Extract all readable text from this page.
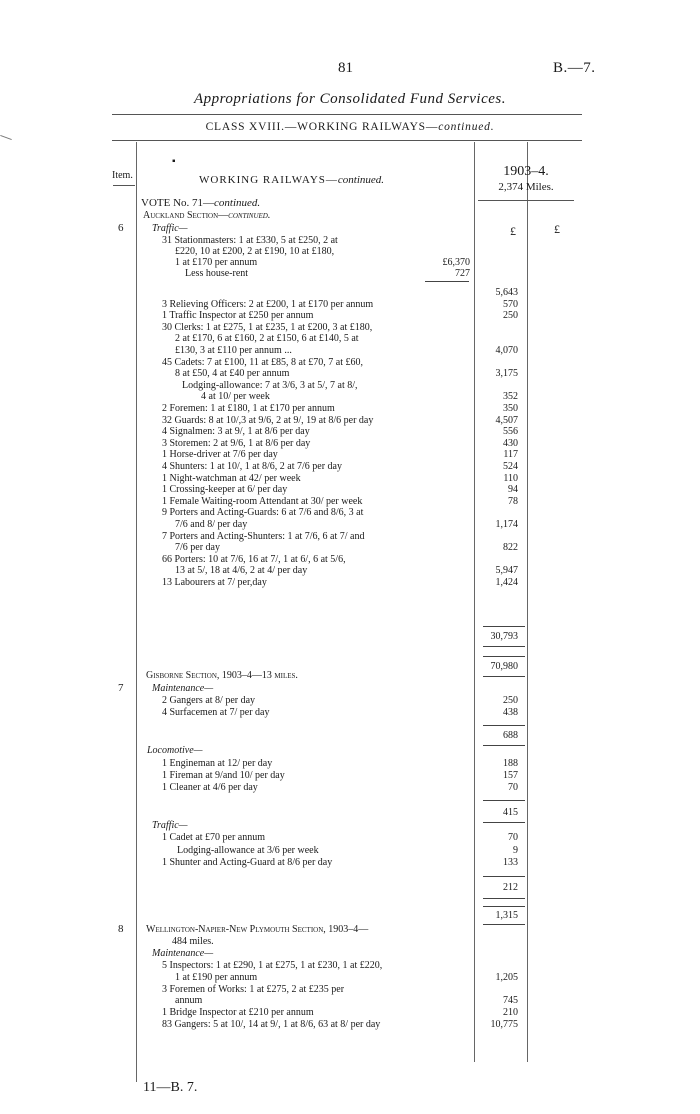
81	B.—7.
Appropriations for Consolidated Fund Services.
CLASS XVIII.—WORKING RAILWAYS—continued.
Item.
▪
WORKING RAILWAYS—continued.
1903–4.
2,374 Miles.
VOTE No. 71—continued.
Auckland Section—continued.
6	Traffic—	£	£
31 Stationmasters: 1 at £330, 5 at £250, 2 at
£220, 10 at £200, 2 at £190, 10 at £180,
1 at £170 per annum	£6,370
Less house-rent	727
5,643
3 Relieving Officers: 2 at £200, 1 at £170 per annum	570
1 Traffic Inspector at £250 per annum	250
30 Clerks: 1 at £275, 1 at £235, 1 at £200, 3 at £180,
2 at £170, 6 at £160, 2 at £150, 6 at £140, 5 at
£130, 3 at £110 per annum ...	4,070
45 Cadets: 7 at £100, 11 at £85, 8 at £70, 7 at £60,
8 at £50, 4 at £40 per annum	3,175
Lodging-allowance: 7 at 3/6, 3 at 5/, 7 at 8/,
4 at 10/ per week	352
2 Foremen: 1 at £180, 1 at £170 per annum	350
32 Guards: 8 at 10/,3 at 9/6, 2 at 9/, 19 at 8/6 per day	4,507
4 Signalmen: 3 at 9/, 1 at 8/6 per day	556
3 Storemen: 2 at 9/6, 1 at 8/6 per day	430
1 Horse-driver at 7/6 per day	117
4 Shunters: 1 at 10/, 1 at 8/6, 2 at 7/6 per day	524
1 Night-watchman at 42/ per week	110
1 Crossing-keeper at 6/ per day	94
1 Female Waiting-room Attendant at 30/ per week	78
9 Porters and Acting-Guards: 6 at 7/6 and 8/6, 3 at
7/6 and 8/ per day	1,174
7 Porters and Acting-Shunters: 1 at 7/6, 6 at 7/ and
7/6 per day	822
66 Porters: 10 at 7/6, 16 at 7/, 1 at 6/, 6 at 5/6,
13 at 5/, 18 at 4/6, 2 at 4/ per day	5,947
13 Labourers at 7/ per,day	1,424
30,793
70,980
Gisborne Section, 1903–4—13 miles.
7	Maintenance—
2 Gangers at 8/ per day	250
4 Surfacemen at 7/ per day	438
688
Locomotive—
1 Engineman at 12/ per day	188
1 Fireman at 9/and 10/ per day	157
1 Cleaner at 4/6 per day	70
415
Traffic—
1 Cadet at £70 per annum	70
Lodging-allowance at 3/6 per week	9
1 Shunter and Acting-Guard at 8/6 per day	133
212
1,315
8 Wellington-Napier-New Plymouth Section, 1903–4—
484 miles.
Maintenance—
5 Inspectors: 1 at £290, 1 at £275, 1 at £230, 1 at £220,
1 at £190 per annum	1,205
3 Foremen of Works: 1 at £275, 2 at £235 per
annum	745
1 Bridge Inspector at £210 per annum	210
83 Gangers: 5 at 10/, 14 at 9/, 1 at 8/6, 63 at 8/ per day	10,775
11—B. 7.
